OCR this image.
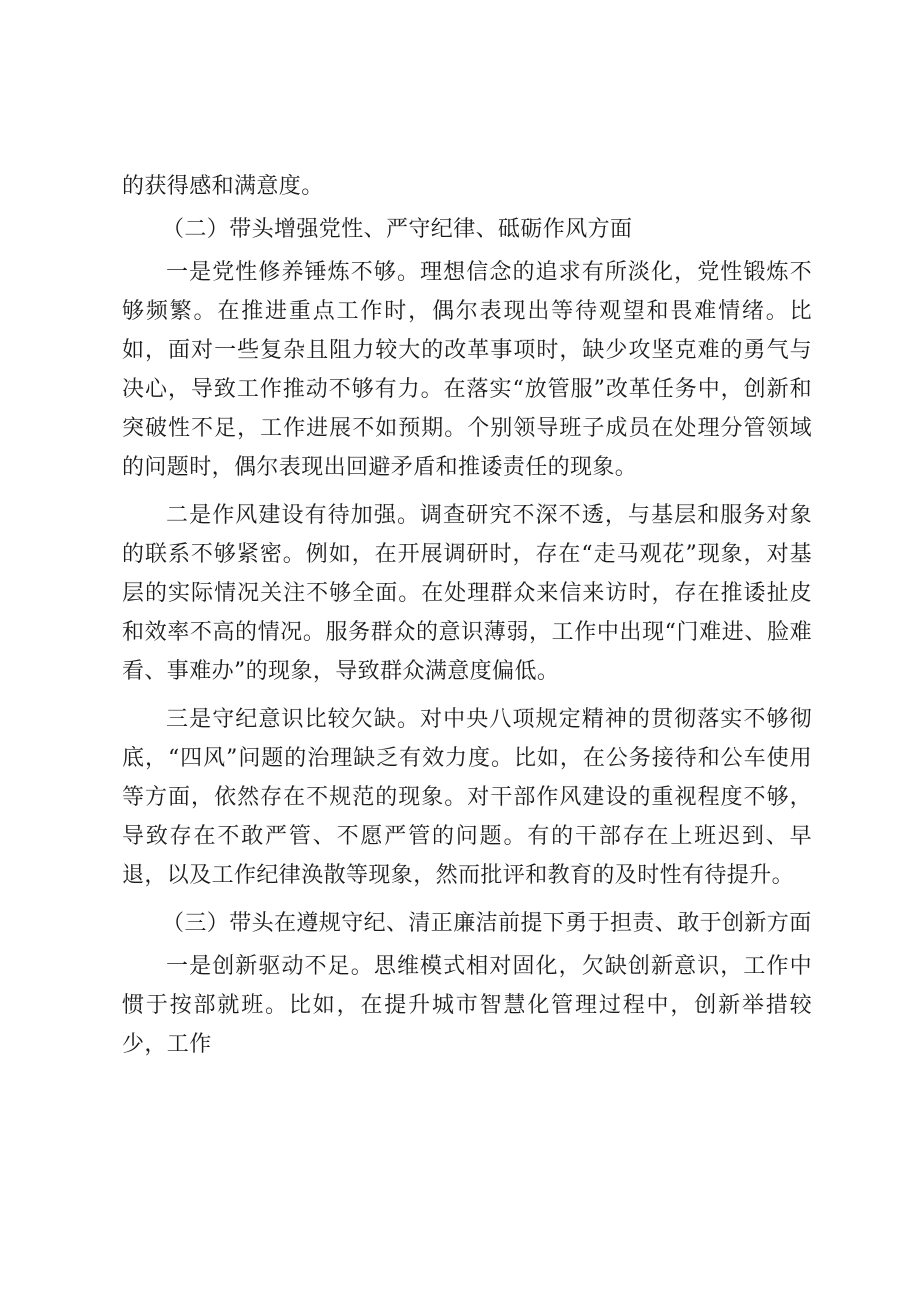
的获得感和满意度。

（二）带头增强党性、严守纪律、砥砺作风方面

一是党性修养锤炼不够。理想信念的追求有所淡化，党性锻炼不够频繁。在推进重点工作时，偶尔表现出等待观望和畏难情绪。比如，面对一些复杂且阻力较大的改革事项时，缺少攻坚克难的勇气与决心，导致工作推动不够有力。在落实“放管服”改革任务中，创新和突破性不足，工作进展不如预期。个别领导班子成员在处理分管领域的问题时，偶尔表现出回避矛盾和推诿责任的现象。

二是作风建设有待加强。调查研究不深不透，与基层和服务对象的联系不够紧密。例如，在开展调研时，存在“走马观花”现象，对基层的实际情况关注不够全面。在处理群众来信来访时，存在推诿扯皮和效率不高的情况。服务群众的意识薄弱，工作中出现“门难进、脸难看、事难办”的现象，导致群众满意度偏低。

三是守纪意识比较欠缺。对中央八项规定精神的贯彻落实不够彻底，“四风”问题的治理缺乏有效力度。比如，在公务接待和公车使用等方面，依然存在不规范的现象。对干部作风建设的重视程度不够，导致存在不敢严管、不愿严管的问题。有的干部存在上班迟到、早退，以及工作纪律涣散等现象，然而批评和教育的及时性有待提升。

（三）带头在遵规守纪、清正廉洁前提下勇于担责、敢于创新方面

一是创新驱动不足。思维模式相对固化，欠缺创新意识，工作中惯于按部就班。比如，在提升城市智慧化管理过程中，创新举措较少，工作
